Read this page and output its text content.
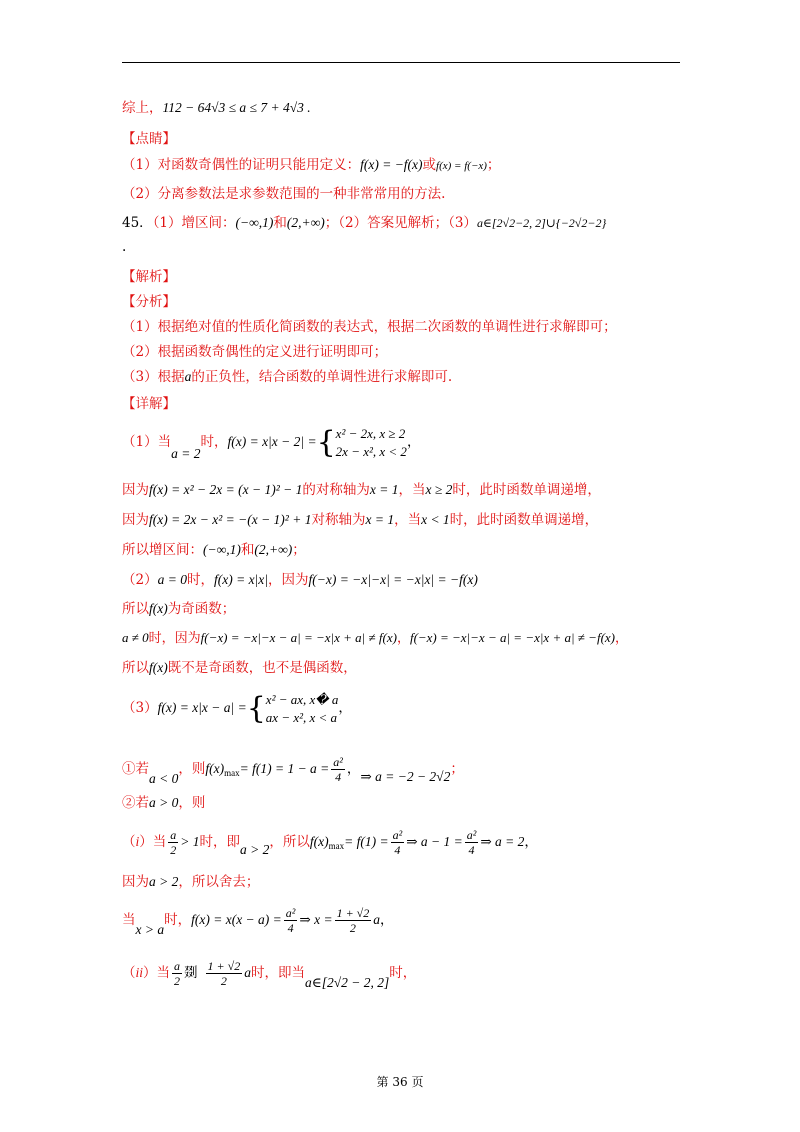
综上，112 − 64√3 ≤ a ≤ 7 + 4√3 .
【点睛】
（1）对函数奇偶性的证明只能用定义：f(x) = −f(x)或f(x) = f(−x)；
（2）分离参数法是求参数范围的一种非常常用的方法.
45．（1）增区间：(−∞,1)和(2,+∞)；（2）答案见解析；（3）a∈[2√2−2, 2]∪{−2√2−2}
.
【解析】
【分析】
（1）根据绝对值的性质化简函数的表达式，根据二次函数的单调性进行求解即可；
（2）根据函数奇偶性的定义进行证明即可；
（3）根据a的正负性，结合函数的单调性进行求解即可.
【详解】
（1）当a = 2时，f(x) = x|x − 2| ={ x² − 2x, x ≥ 2
2x − x², x < 2
，
因为f(x) = x² − 2x = (x − 1)² − 1的对称轴为x = 1，当x ≥ 2时，此时函数单调递增，
因为f(x) = 2x − x² = −(x − 1)² + 1对称轴为x = 1，当x < 1时，此时函数单调递增，
所以增区间：(−∞,1)和(2,+∞)；
（2）a = 0时，f(x) = x|x|，因为f(−x) = −x|−x| = −x|x| = −f(x)
所以f(x)为奇函数；
a ≠ 0时，因为f(−x) = −x|−x − a| = −x|x + a| ≠ f(x)，f(−x) = −x|−x − a| = −x|x + a| ≠ −f(x)，
所以f(x)既不是奇函数，也不是偶函数，
（3）f(x) = x|x − a| ={ x² − ax, x� a
ax − x², x < a
，
①若a < 0，则$f(x)_{max}= f(1) = 1 - a = \frac{\text{a²}}{4}$ ，⇒ a = −2 − 2√2；
②若a > 0，则
（i）当 $\frac{a}{2} > 1$时，即a > 2，所以$f(x)_{max}= f(1) = \frac{\text{a²}}{4}$ ⇒ $a - 1 = \frac{\text{a²}}{4}$ ⇒ a = 2，
因为a > 2，所以舍去；
当x > a时，$f(x) = x(x - a) = \frac{\text{a²}}{4}$ ⇒ $x = \frac{1 + √2}{2}$ a，
（ii）当 $\frac{a}{2}$ 剟 $\frac{1 + √2}{2}$ a时，即当a∈[2√2 − 2, 2]时，
第 36 页
